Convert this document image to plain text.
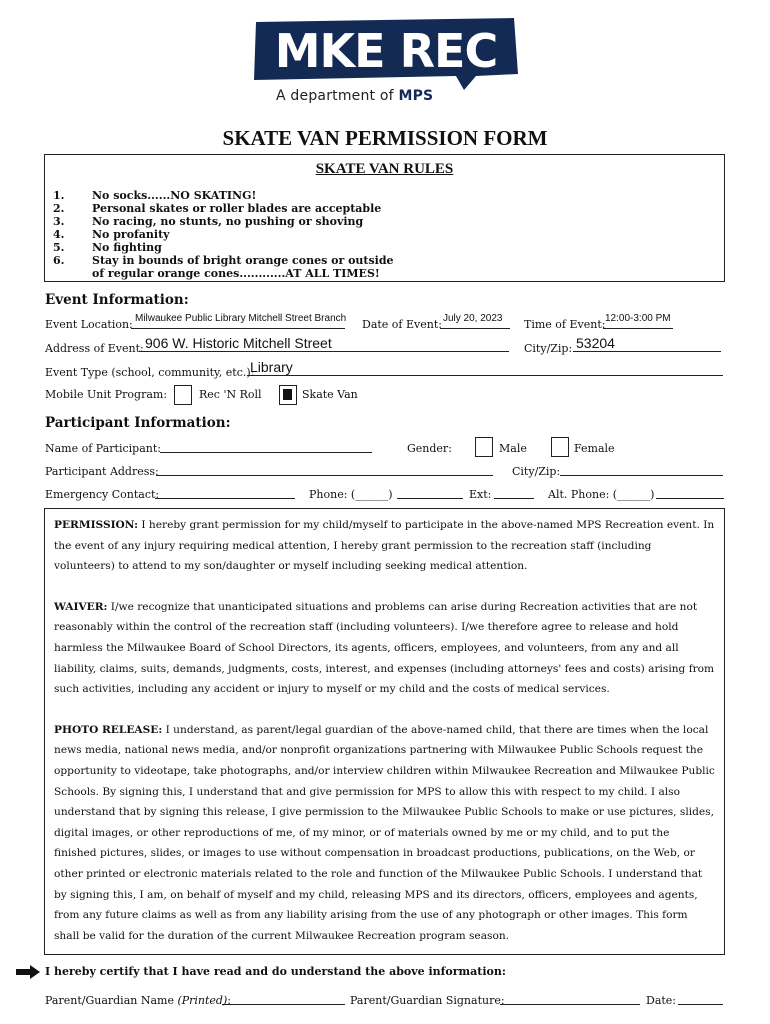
MKE REC
A department of MPS
SKATE VAN PERMISSION FORM
SKATE VAN RULES
1.	No socks......NO SKATING!
2.	Personal skates or roller blades are acceptable
3.	No racing, no stunts, no pushing or shoving
4.	No profanity
5.	No fighting
6.	Stay in bounds of bright orange cones or outside
of regular orange cones............AT ALL TIMES!
Event Information:
Event Location: Milwaukee Public Library Mitchell Street Branch Date of Event: July 20, 2023 Time of Event: 12:00-3:00 PM
Address of Event: 906 W. Historic Mitchell Street	City/Zip: 53204
Event Type (school, community, etc.):
Library
Mobile Unit Program:	Rec 'N Roll	Skate Van
Participant Information:
Name of Participant:	Gender:	Male	Female
Participant Address:	City/Zip:
Emergency Contact:	Phone: (______)	Ext:	Alt. Phone: (______)

PERMISSION: I hereby grant permission for my child/myself to participate in the above-named MPS Recreation event. In the event of any injury requiring medical attention, I hereby grant permission to the recreation staff (including volunteers) to attend to my son/daughter or myself including seeking medical attention.

WAIVER: I/we recognize that unanticipated situations and problems can arise during Recreation activities that are not reasonably within the control of the recreation staff (including volunteers). I/we therefore agree to release and hold harmless the Milwaukee Board of School Directors, its agents, officers, employees, and volunteers, from any and all liability, claims, suits, demands, judgments, costs, interest, and expenses (including attorneys' fees and costs) arising from such activities, including any accident or injury to myself or my child and the costs of medical services.

PHOTO RELEASE: I understand, as parent/legal guardian of the above-named child, that there are times when the local news media, national news media, and/or nonprofit organizations partnering with Milwaukee Public Schools request the opportunity to videotape, take photographs, and/or interview children within Milwaukee Recreation and Milwaukee Public Schools. By signing this, I understand that and give permission for MPS to allow this with respect to my child. I also understand that by signing this release, I give permission to the Milwaukee Public Schools to make or use pictures, slides, digital images, or other reproductions of me, of my minor, or of materials owned by me or my child, and to put the finished pictures, slides, or images to use without compensation in broadcast productions, publications, on the Web, or other printed or electronic materials related to the role and function of the Milwaukee Public Schools. I understand that by signing this, I am, on behalf of myself and my child, releasing MPS and its directors, officers, employees and agents, from any future claims as well as from any liability arising from the use of any photograph or other images. This form shall be valid for the duration of the current Milwaukee Recreation program season.

I hereby certify that I have read and do understand the above information:
Parent/Guardian Name (Printed):	Parent/Guardian Signature:	Date:
